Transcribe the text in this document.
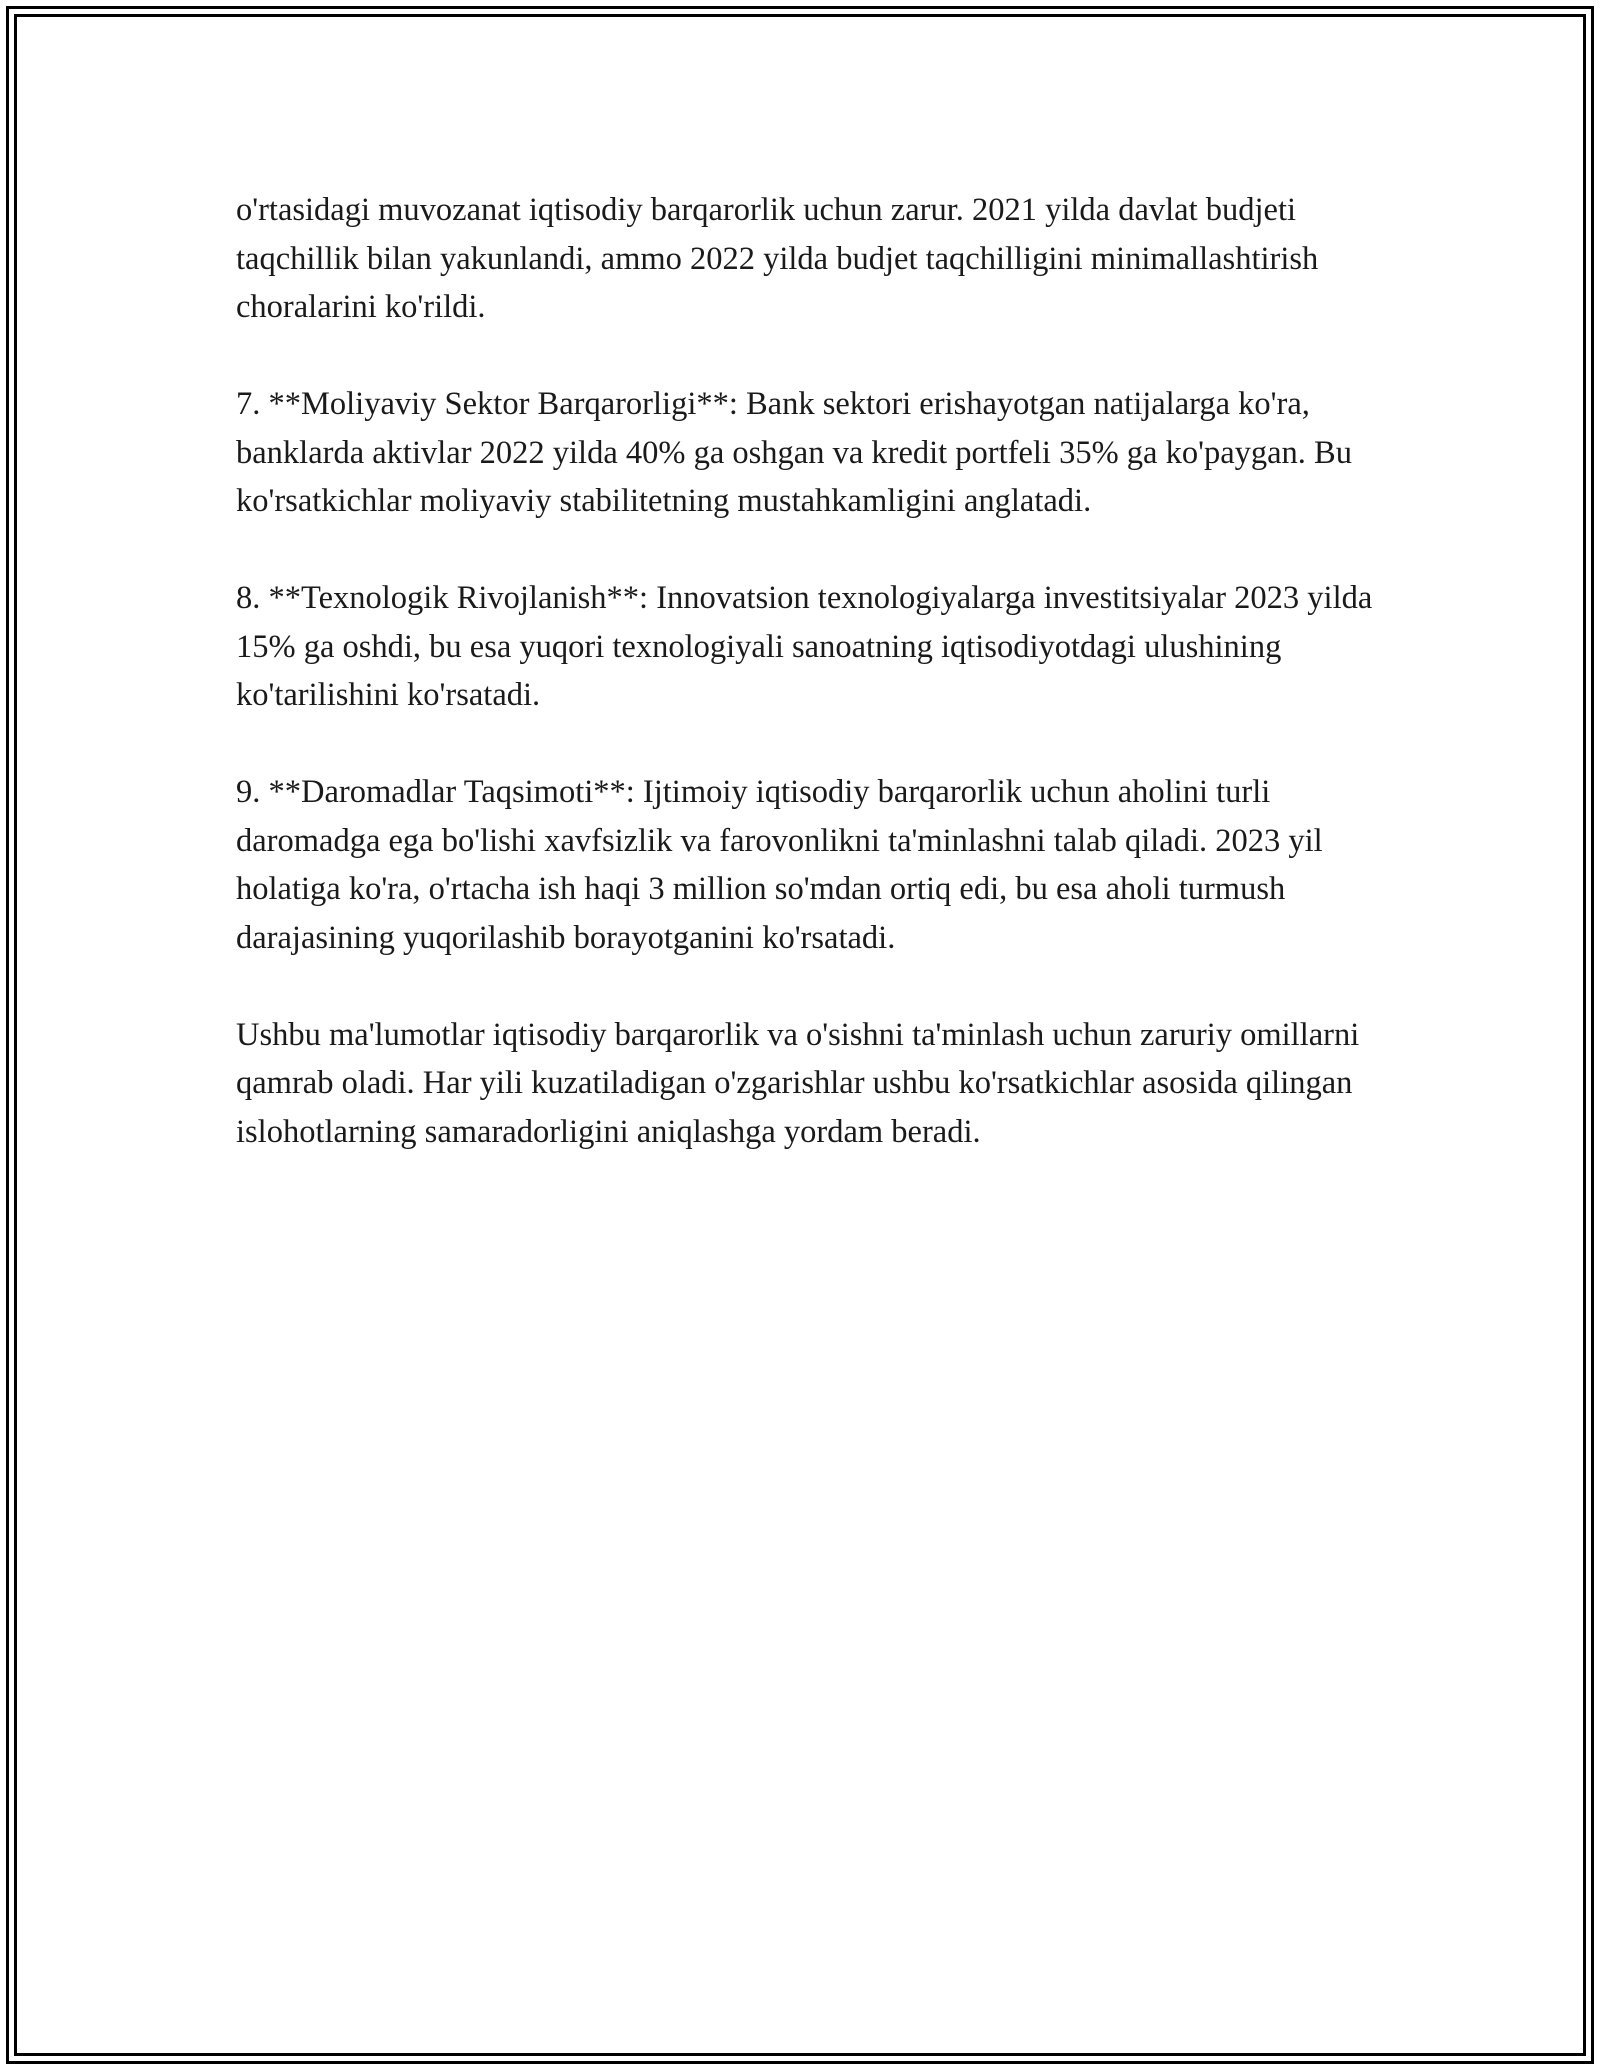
o'rtasidagi muvozanat iqtisodiy barqarorlik uchun zarur. 2021 yilda davlat budjeti taqchillik bilan yakunlandi, ammo 2022 yilda budjet taqchilligini minimallashtirish choralarini ko'rildi.

7. **Moliyaviy Sektor Barqarorligi**: Bank sektori erishayotgan natijalarga ko'ra, banklarda aktivlar 2022 yilda 40% ga oshgan va kredit portfeli 35% ga ko'paygan. Bu ko'rsatkichlar moliyaviy stabilitetning mustahkamligini anglatadi.

8. **Texnologik Rivojlanish**: Innovatsion texnologiyalarga investitsiyalar 2023 yilda 15% ga oshdi, bu esa yuqori texnologiyali sanoatning iqtisodiyotdagi ulushining ko'tarilishini ko'rsatadi.

9. **Daromadlar Taqsimoti**: Ijtimoiy iqtisodiy barqarorlik uchun aholini turli daromadga ega bo'lishi xavfsizlik va farovonlikni ta'minlashni talab qiladi. 2023 yil holatiga ko'ra, o'rtacha ish haqi 3 million so'mdan ortiq edi, bu esa aholi turmush darajasining yuqorilashib borayotganini ko'rsatadi.

Ushbu ma'lumotlar iqtisodiy barqarorlik va o'sishni ta'minlash uchun zaruriy omillarni qamrab oladi. Har yili kuzatiladigan o'zgarishlar ushbu ko'rsatkichlar asosida qilingan islohotlarning samaradorligini aniqlashga yordam beradi.
